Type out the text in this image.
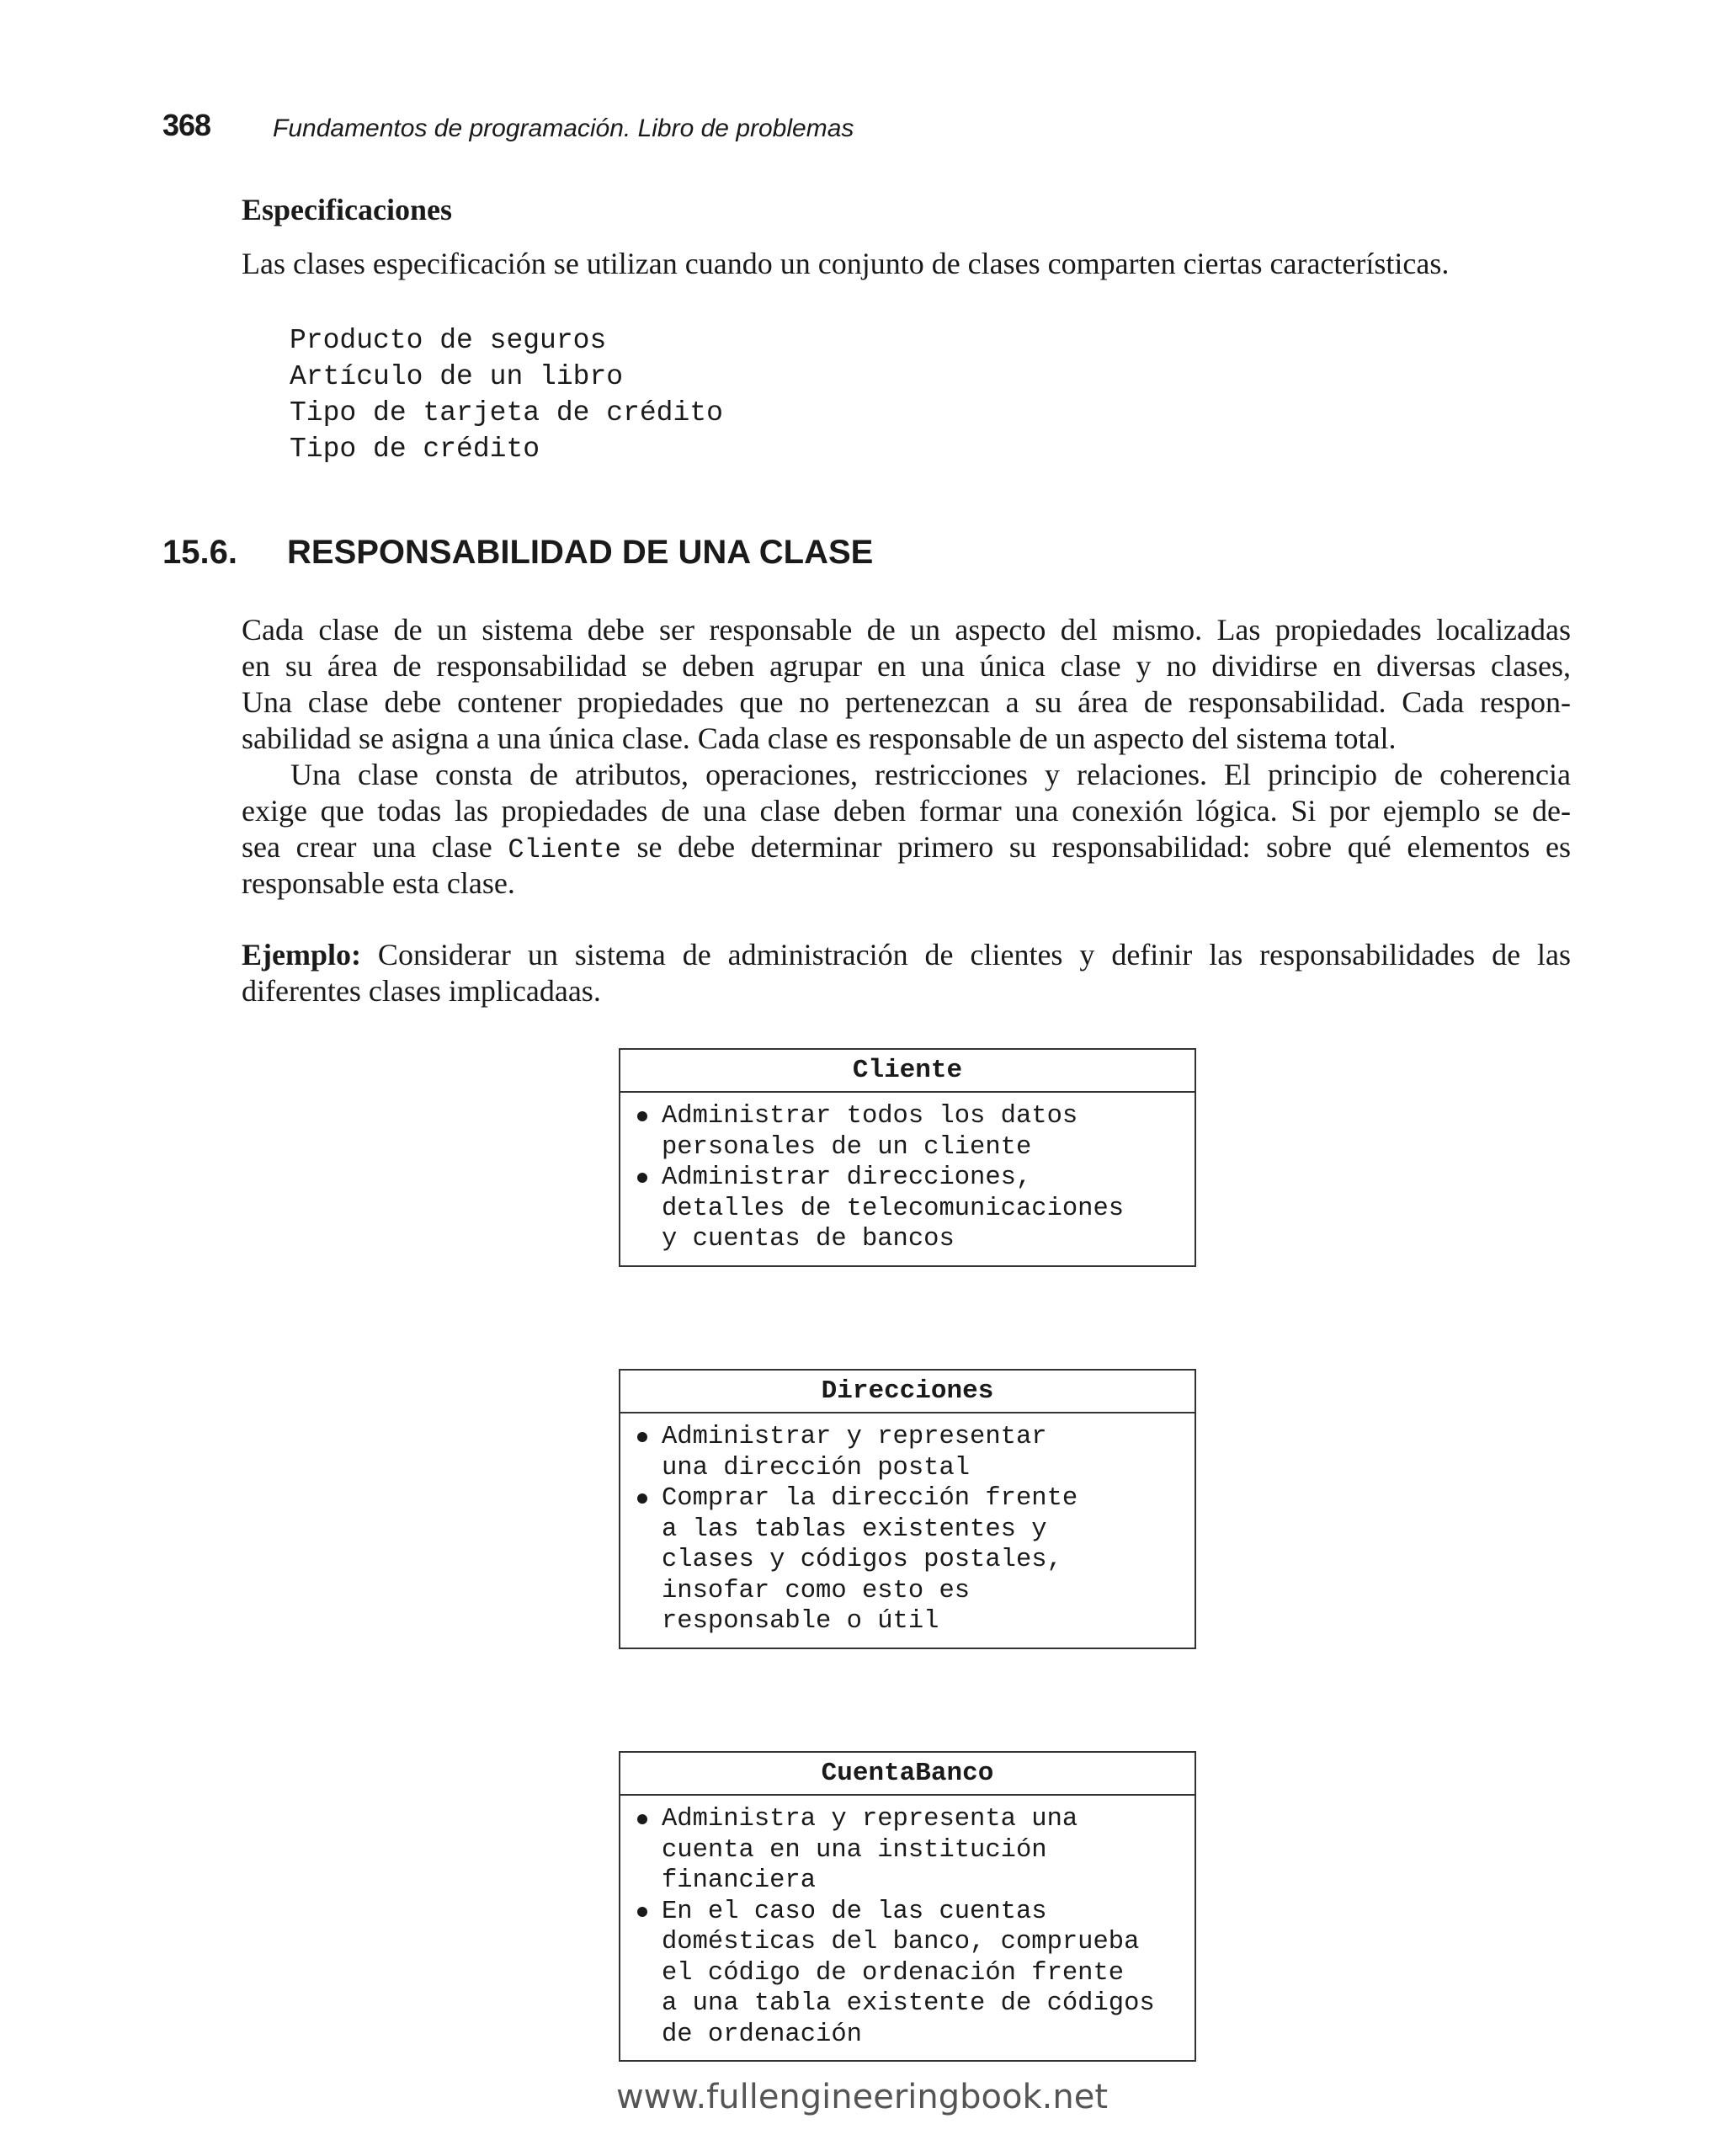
368 Fundamentos de programación. Libro de problemas
Especificaciones
Las clases especificación se utilizan cuando un conjunto de clases comparten ciertas características.
Producto de seguros
Artículo de un libro
Tipo de tarjeta de crédito
Tipo de crédito
15.6. RESPONSABILIDAD DE UNA CLASE
Cada clase de un sistema debe ser responsable de un aspecto del mismo. Las propiedades localizadas
en su área de responsabilidad se deben agrupar en una única clase y no dividirse en diversas clases,
Una clase debe contener propiedades que no pertenezcan a su área de responsabilidad. Cada respon-
sabilidad se asigna a una única clase. Cada clase es responsable de un aspecto del sistema total.
Una clase consta de atributos, operaciones, restricciones y relaciones. El principio de coherencia
exige que todas las propiedades de una clase deben formar una conexión lógica. Si por ejemplo se de-
sea crear una clase Cliente se debe determinar primero su responsabilidad: sobre qué elementos es
responsable esta clase.
Ejemplo: Considerar un sistema de administración de clientes y definir las responsabilidades de las
diferentes clases implicadaas.
Cliente
Administrar todos los datos
personales de un cliente
Administrar direcciones,
detalles de telecomunicaciones
y cuentas de bancos
Direcciones
Administrar y representar
una dirección postal
Comprar la dirección frente
a las tablas existentes y
clases y códigos postales,
insofar como esto es
responsable o útil
CuentaBanco
Administra y representa una
cuenta en una institución
financiera
En el caso de las cuentas
domésticas del banco, comprueba
el código de ordenación frente
a una tabla existente de códigos
de ordenación
www.fullengineeringbook.net
